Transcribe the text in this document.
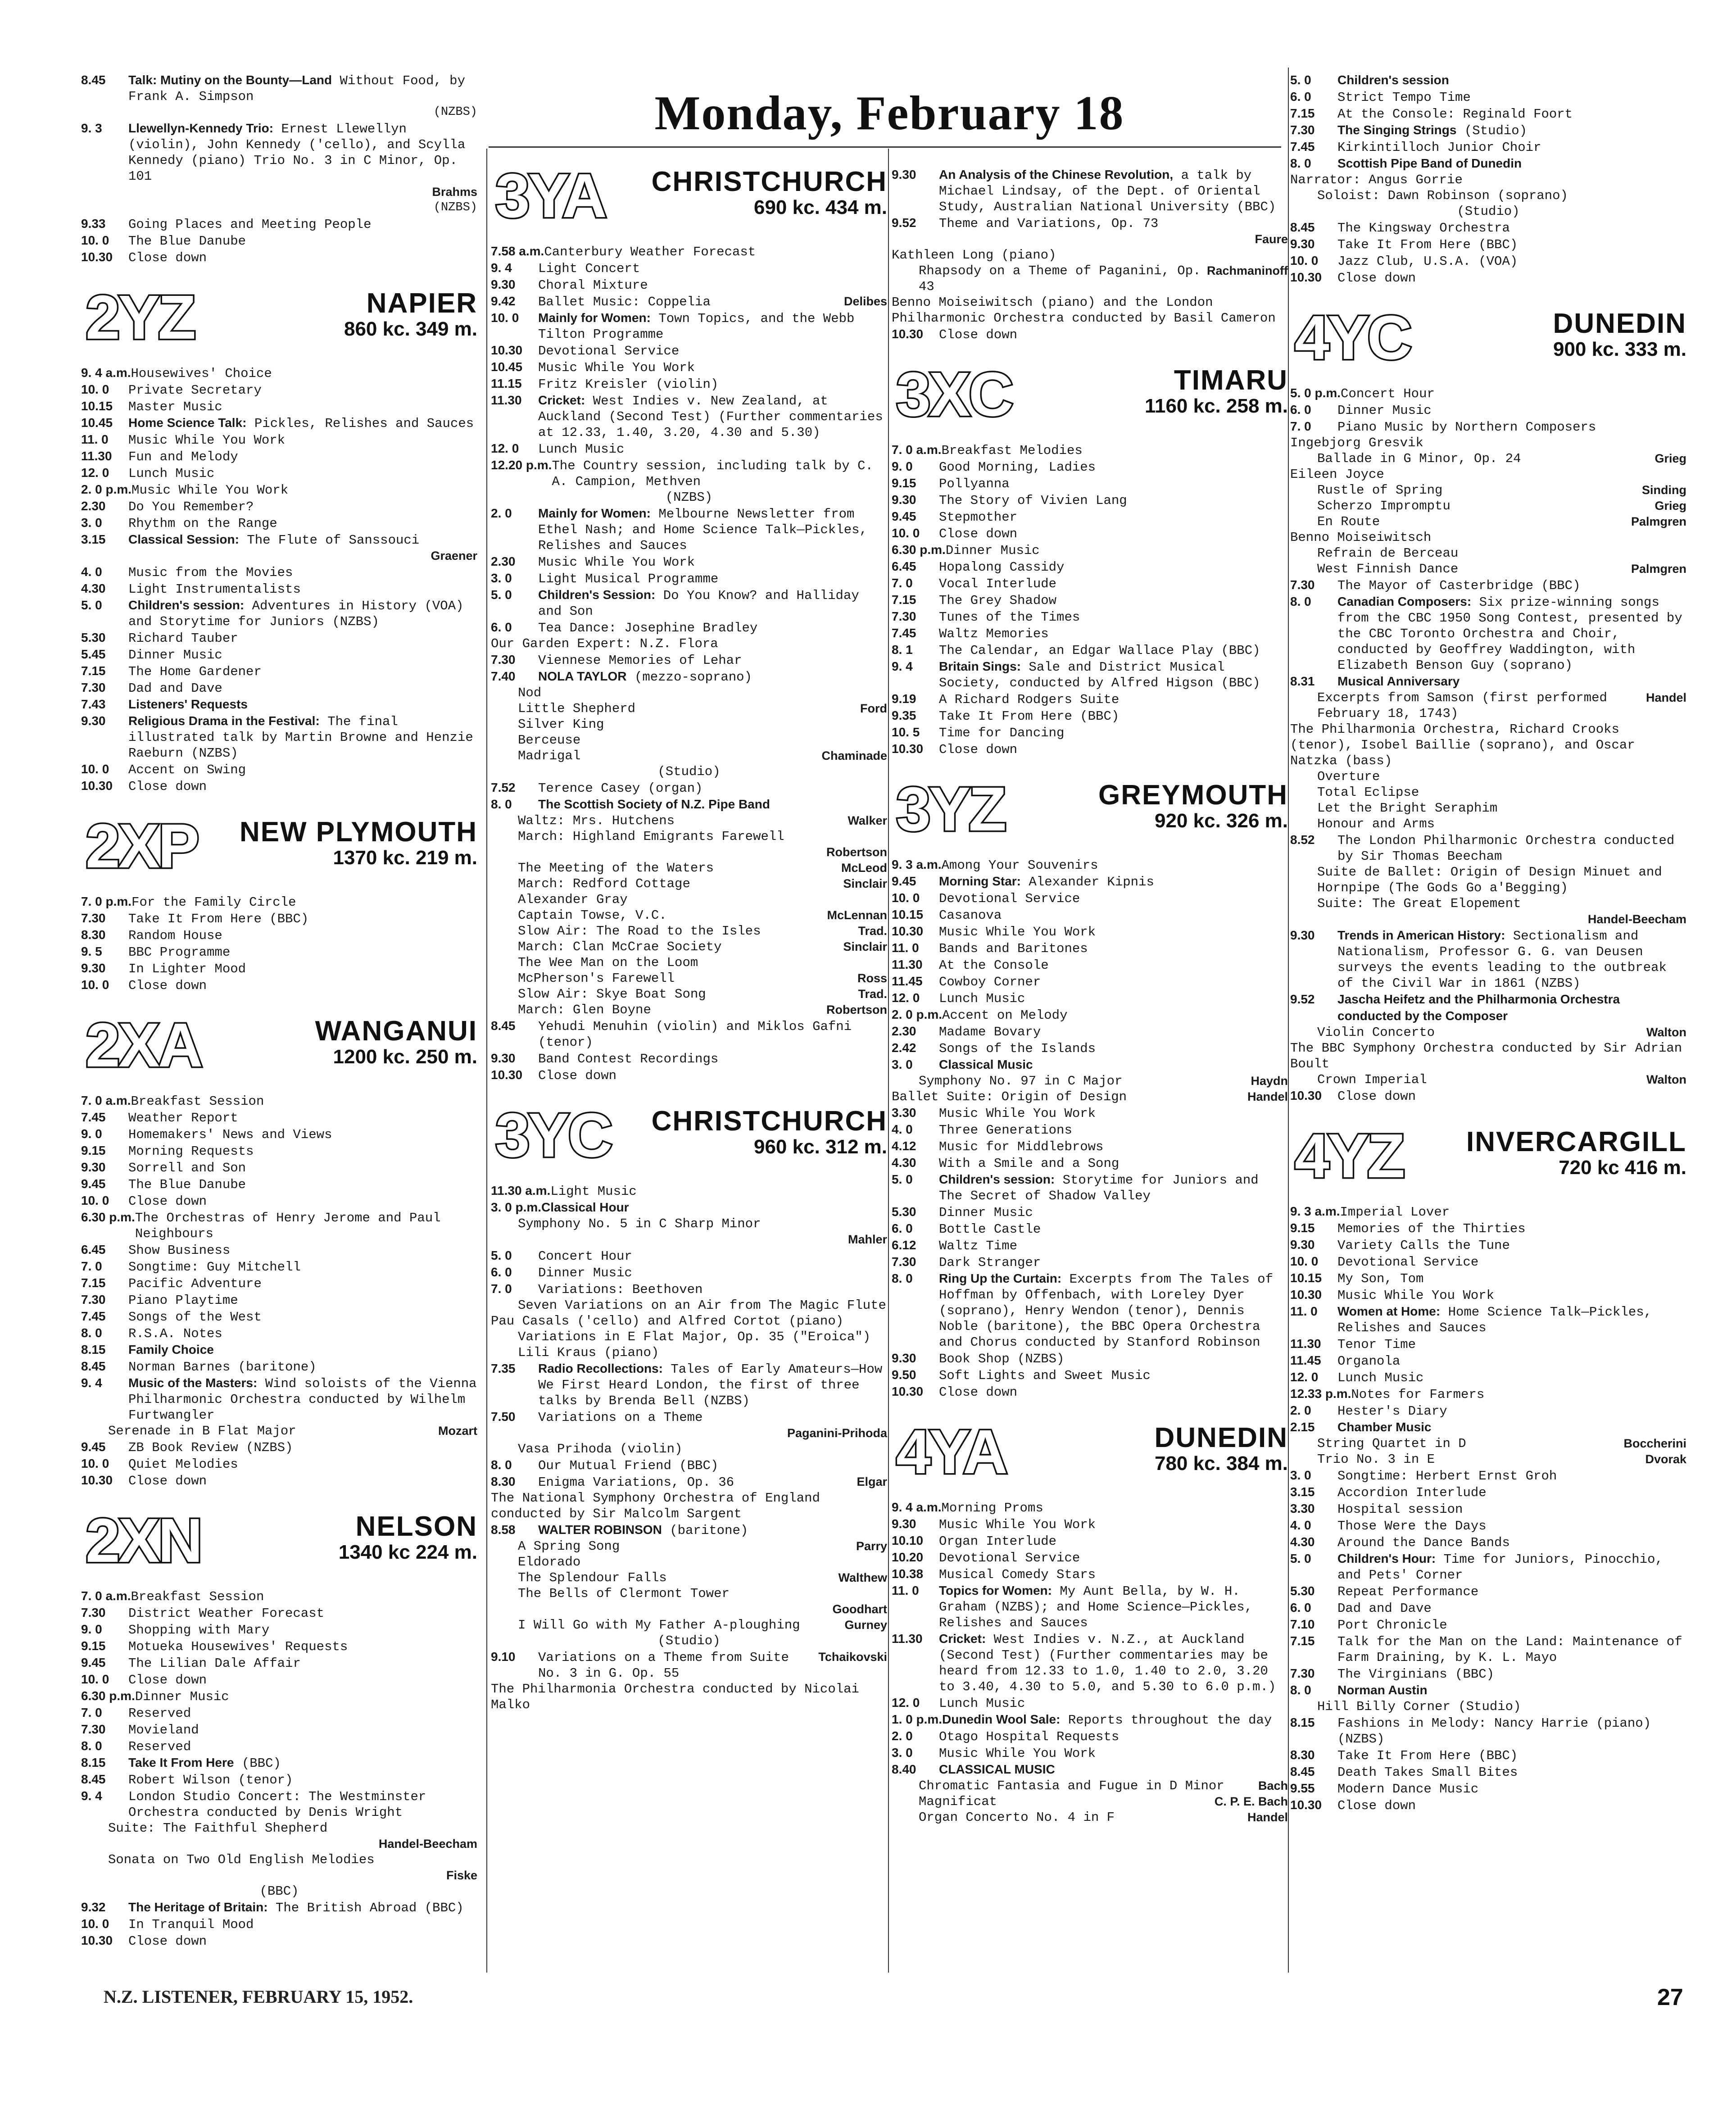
Monday, February 18
8.45	Talk: Mutiny on the Bounty—Land Without Food, by Frank A. Simpson
(NZBS)
9. 3	Llewellyn-Kennedy Trio: Ernest Llewellyn (violin), John Kennedy ('cello), and Scylla Kennedy (piano) Trio No. 3 in C Minor, Op. 101
Brahms
(NZBS)
9.33	Going Places and Meeting People
10. 0	The Blue Danube
10.30	Close down
2YZ	NAPIER
860 kc. 349 m.
9. 4 a.m. Housewives' Choice
10. 0	Private Secretary
10.15	Master Music
10.45	Home Science Talk: Pickles, Relishes and Sauces
11. 0	Music While You Work
11.30	Fun and Melody
12. 0	Lunch Music
2. 0 p.m. Music While You Work
2.30	Do You Remember?
3. 0	Rhythm on the Range
3.15	Classical Session: The Flute of Sanssouci
Graener
4. 0	Music from the Movies
4.30	Light Instrumentalists
5. 0	Children's session: Adventures in History (VOA) and Storytime for Juniors (NZBS)
5.30	Richard Tauber
5.45	Dinner Music
7.15	The Home Gardener
7.30	Dad and Dave
7.43	Listeners' Requests
9.30	Religious Drama in the Festival: The final illustrated talk by Martin Browne and Henzie Raeburn (NZBS)
10. 0	Accent on Swing
10.30	Close down
2XP NEW PLYMOUTH
1370 kc. 219 m.
7. 0 p.m. For the Family Circle
7.30	Take It From Here (BBC)
8.30	Random House
9. 5	BBC Programme
9.30	In Lighter Mood
10. 0	Close down
2XA	WANGANUI
1200 kc. 250 m.
7. 0 a.m. Breakfast Session
7.45	Weather Report
9. 0	Homemakers' News and Views
9.15	Morning Requests
9.30	Sorrell and Son
9.45	The Blue Danube
10. 0	Close down
6.30 p.m. The Orchestras of Henry Jerome and Paul Neighbours
6.45	Show Business
7. 0	Songtime: Guy Mitchell
7.15	Pacific Adventure
7.30	Piano Playtime
7.45	Songs of the West
8. 0	R.S.A. Notes
8.15	Family Choice
8.45	Norman Barnes (baritone)
9. 4	Music of the Masters: Wind soloists of the Vienna Philharmonic Orchestra conducted by Wilhelm Furtwangler
Serenade in B Flat Major	Mozart
9.45	ZB Book Review (NZBS)
10. 0	Quiet Melodies
10.30	Close down
2XN	NELSON
1340 kc 224 m.
7. 0 a.m. Breakfast Session
7.30	District Weather Forecast
9. 0	Shopping with Mary
9.15	Motueka Housewives' Requests
9.45	The Lilian Dale Affair
10. 0	Close down
6.30 p.m. Dinner Music
7. 0	Reserved
7.30	Movieland
8. 0	Reserved
8.15	Take It From Here (BBC)
8.45	Robert Wilson (tenor)
9. 4	London Studio Concert: The Westminster Orchestra conducted by Denis Wright
Suite: The Faithful Shepherd
Handel-Beecham
Sonata on Two Old English Melodies
Fiske
(BBC)
9.32	The Heritage of Britain: The British Abroad (BBC)
10. 0	In Tranquil Mood
10.30	Close down
3YA CHRISTCHURCH
690 kc. 434 m.
7.58 a.m. Canterbury Weather Forecast
9. 4	Light Concert
9.30	Choral Mixture
9.42	Ballet Music: Coppelia	Delibes
10. 0	Mainly for Women: Town Topics, and the Webb Tilton Programme
10.30	Devotional Service
10.45	Music While You Work
11.15	Fritz Kreisler (violin)
11.30	Cricket: West Indies v. New Zealand, at Auckland (Second Test) (Further commentaries at 12.33, 1.40, 3.20, 4.30 and 5.30)
12. 0	Lunch Music
12.20 p.m. The Country session, including talk by C. A. Campion, Methven
(NZBS)
2. 0	Mainly for Women: Melbourne Newsletter from Ethel Nash; and Home Science Talk—Pickles, Relishes and Sauces
2.30	Music While You Work
3. 0	Light Musical Programme
5. 0	Children's Session: Do You Know? and Halliday and Son
6. 0	Tea Dance: Josephine Bradley
Our Garden Expert: N.Z. Flora
7.30	Viennese Memories of Lehar
7.40	NOLA TAYLOR (mezzo-soprano)
Nod
Little Shepherd	Ford
Silver King
Berceuse
Madrigal	Chaminade
(Studio)
7.52	Terence Casey (organ)
8. 0	The Scottish Society of N.Z. Pipe Band
Waltz: Mrs. Hutchens	Walker
March: Highland Emigrants Farewell
Robertson
The Meeting of the Waters	McLeod
March: Redford Cottage	Sinclair
Alexander Gray
Captain Towse, V.C.	McLennan
Slow Air: The Road to the Isles	Trad.
March: Clan McCrae Society	Sinclair
The Wee Man on the Loom
McPherson's Farewell	Ross
Slow Air: Skye Boat Song	Trad.
March: Glen Boyne	Robertson
8.45	Yehudi Menuhin (violin) and Miklos Gafni (tenor)
9.30	Band Contest Recordings
10.30	Close down
3YC CHRISTCHURCH
960 kc. 312 m.
11.30 a.m. Light Music
3. 0 p.m. Classical Hour
Symphony No. 5 in C Sharp Minor
Mahler
5. 0	Concert Hour
6. 0	Dinner Music
7. 0	Variations: Beethoven
Seven Variations on an Air from The Magic Flute
Pau Casals ('cello) and Alfred Cortot (piano)
Variations in E Flat Major, Op. 35 ("Eroica")
Lili Kraus (piano)
7.35	Radio Recollections: Tales of Early Amateurs—How We First Heard London, the first of three talks by Brenda Bell (NZBS)
7.50	Variations on a Theme
Paganini-Prihoda
Vasa Prihoda (violin)
8. 0	Our Mutual Friend (BBC)
8.30	Enigma Variations, Op. 36	Elgar
The National Symphony Orchestra of England conducted by Sir Malcolm Sargent
8.58	WALTER ROBINSON (baritone)
A Spring Song	Parry
Eldorado
The Splendour Falls	Walthew
The Bells of Clermont Tower
Goodhart
I Will Go with My Father A-ploughing	Gurney
(Studio)
9.10	Variations on a Theme from Suite No. 3 in G. Op. 55
Tchaikovski
The Philharmonia Orchestra conducted by Nicolai Malko
9.30	An Analysis of the Chinese Revolution, a talk by Michael Lindsay, of the Dept. of Oriental Study, Australian National University (BBC)
9.52	Theme and Variations, Op. 73
Faure
Kathleen Long (piano)
Rhapsody on a Theme of Paganini, Op. 43
Rachmaninoff
Benno Moiseiwitsch (piano) and the London Philharmonic Orchestra conducted by Basil Cameron
10.30	Close down
3XC	TIMARU
1160 kc. 258 m.
7. 0 a.m. Breakfast Melodies
9. 0	Good Morning, Ladies
9.15	Pollyanna
9.30	The Story of Vivien Lang
9.45	Stepmother
10. 0	Close down
6.30 p.m. Dinner Music
6.45	Hopalong Cassidy
7. 0	Vocal Interlude
7.15	The Grey Shadow
7.30	Tunes of the Times
7.45	Waltz Memories
8. 1	The Calendar, an Edgar Wallace Play (BBC)
9. 4	Britain Sings: Sale and District Musical Society, conducted by Alfred Higson (BBC)
9.19	A Richard Rodgers Suite
9.35	Take It From Here (BBC)
10. 5	Time for Dancing
10.30	Close down
3YZ	GREYMOUTH
920 kc. 326 m.
9. 3 a.m. Among Your Souvenirs
9.45	Morning Star: Alexander Kipnis
10. 0	Devotional Service
10.15	Casanova
10.30	Music While You Work
11. 0	Bands and Baritones
11.30	At the Console
11.45	Cowboy Corner
12. 0	Lunch Music
2. 0 p.m. Accent on Melody
2.30	Madame Bovary
2.42	Songs of the Islands
3. 0	Classical Music
Symphony No. 97 in C Major	Haydn
Ballet Suite: Origin of Design	Handel
3.30	Music While You Work
4. 0	Three Generations
4.12	Music for Middlebrows
4.30	With a Smile and a Song
5. 0	Children's session: Storytime for Juniors and The Secret of Shadow Valley
5.30	Dinner Music
6. 0	Bottle Castle
6.12	Waltz Time
7.30	Dark Stranger
8. 0	Ring Up the Curtain: Excerpts from The Tales of Hoffman by Offenbach, with Loreley Dyer (soprano), Henry Wendon (tenor), Dennis Noble (baritone), the BBC Opera Orchestra and Chorus conducted by Stanford Robinson
9.30	Book Shop (NZBS)
9.50	Soft Lights and Sweet Music
10.30	Close down
4YA	DUNEDIN
780 kc. 384 m.
9. 4 a.m. Morning Proms
9.30	Music While You Work
10.10	Organ Interlude
10.20	Devotional Service
10.38	Musical Comedy Stars
11. 0	Topics for Women: My Aunt Bella, by W. H. Graham (NZBS); and Home Science—Pickles, Relishes and Sauces
11.30	Cricket: West Indies v. N.Z., at Auckland (Second Test) (Further commentaries may be heard from 12.33 to 1.0, 1.40 to 2.0, 3.20 to 3.40, 4.30 to 5.0, and 5.30 to 6.0 p.m.)
12. 0	Lunch Music
1. 0 p.m. Dunedin Wool Sale: Reports throughout the day
2. 0	Otago Hospital Requests
3. 0	Music While You Work
8.40	CLASSICAL MUSIC
Chromatic Fantasia and Fugue in D Minor	Bach
Magnificat	C. P. E. Bach
Organ Concerto No. 4 in F	Handel
5. 0	Children's session
6. 0	Strict Tempo Time
7.15	At the Console: Reginald Foort
7.30	The Singing Strings (Studio)
7.45	Kirkintilloch Junior Choir
8. 0	Scottish Pipe Band of Dunedin
Narrator: Angus Gorrie
Soloist: Dawn Robinson (soprano)
(Studio)
8.45	The Kingsway Orchestra
9.30	Take It From Here (BBC)
10. 0	Jazz Club, U.S.A. (VOA)
10.30	Close down
4YC	DUNEDIN
900 kc. 333 m.
5. 0 p.m. Concert Hour
6. 0	Dinner Music
7. 0	Piano Music by Northern Composers
Ingebjorg Gresvik
Ballade in G Minor, Op. 24	Grieg
Eileen Joyce
Rustle of Spring	Sinding
Scherzo Impromptu	Grieg
En Route	Palmgren
Benno Moiseiwitsch
Refrain de Berceau
West Finnish Dance	Palmgren
7.30	The Mayor of Casterbridge (BBC)
8. 0	Canadian Composers: Six prize-winning songs from the CBC 1950 Song Contest, presented by the CBC Toronto Orchestra and Choir, conducted by Geoffrey Waddington, with Elizabeth Benson Guy (soprano)
8.31	Musical Anniversary
Excerpts from Samson (first performed February 18, 1743)
Handel
The Philharmonia Orchestra, Richard Crooks (tenor), Isobel Baillie (soprano), and Oscar Natzka (bass)
Overture
Total Eclipse
Let the Bright Seraphim
Honour and Arms
8.52	The London Philharmonic Orchestra conducted by Sir Thomas Beecham
Suite de Ballet: Origin of Design Minuet and Hornpipe (The Gods Go a'Begging)
Suite: The Great Elopement
Handel-Beecham
9.30	Trends in American History: Sectionalism and Nationalism, Professor G. G. van Deusen surveys the events leading to the outbreak of the Civil War in 1861 (NZBS)
9.52	Jascha Heifetz and the Philharmonia Orchestra conducted by the Composer
Violin Concerto	Walton
The BBC Symphony Orchestra conducted by Sir Adrian Boult
Crown Imperial	Walton
10.30	Close down
4YZ INVERCARGILL
720 kc 416 m.
9. 3 a.m. Imperial Lover
9.15	Memories of the Thirties
9.30	Variety Calls the Tune
10. 0	Devotional Service
10.15	My Son, Tom
10.30	Music While You Work
11. 0	Women at Home: Home Science Talk—Pickles, Relishes and Sauces
11.30	Tenor Time
11.45	Organola
12. 0	Lunch Music
12.33 p.m. Notes for Farmers
2. 0	Hester's Diary
2.15	Chamber Music
String Quartet in D	Boccherini
Trio No. 3 in E	Dvorak
3. 0	Songtime: Herbert Ernst Groh
3.15	Accordion Interlude
3.30	Hospital session
4. 0	Those Were the Days
4.30	Around the Dance Bands
5. 0	Children's Hour: Time for Juniors, Pinocchio, and Pets' Corner
5.30	Repeat Performance
6. 0	Dad and Dave
7.10	Port Chronicle
7.15	Talk for the Man on the Land: Maintenance of Farm Draining, by K. L. Mayo
7.30	The Virginians (BBC)
8. 0	Norman Austin
Hill Billy Corner (Studio)
8.15	Fashions in Melody: Nancy Harrie (piano) (NZBS)
8.30	Take It From Here (BBC)
8.45	Death Takes Small Bites
9.55	Modern Dance Music
10.30	Close down
N.Z. LISTENER, FEBRUARY 15, 1952.	27
